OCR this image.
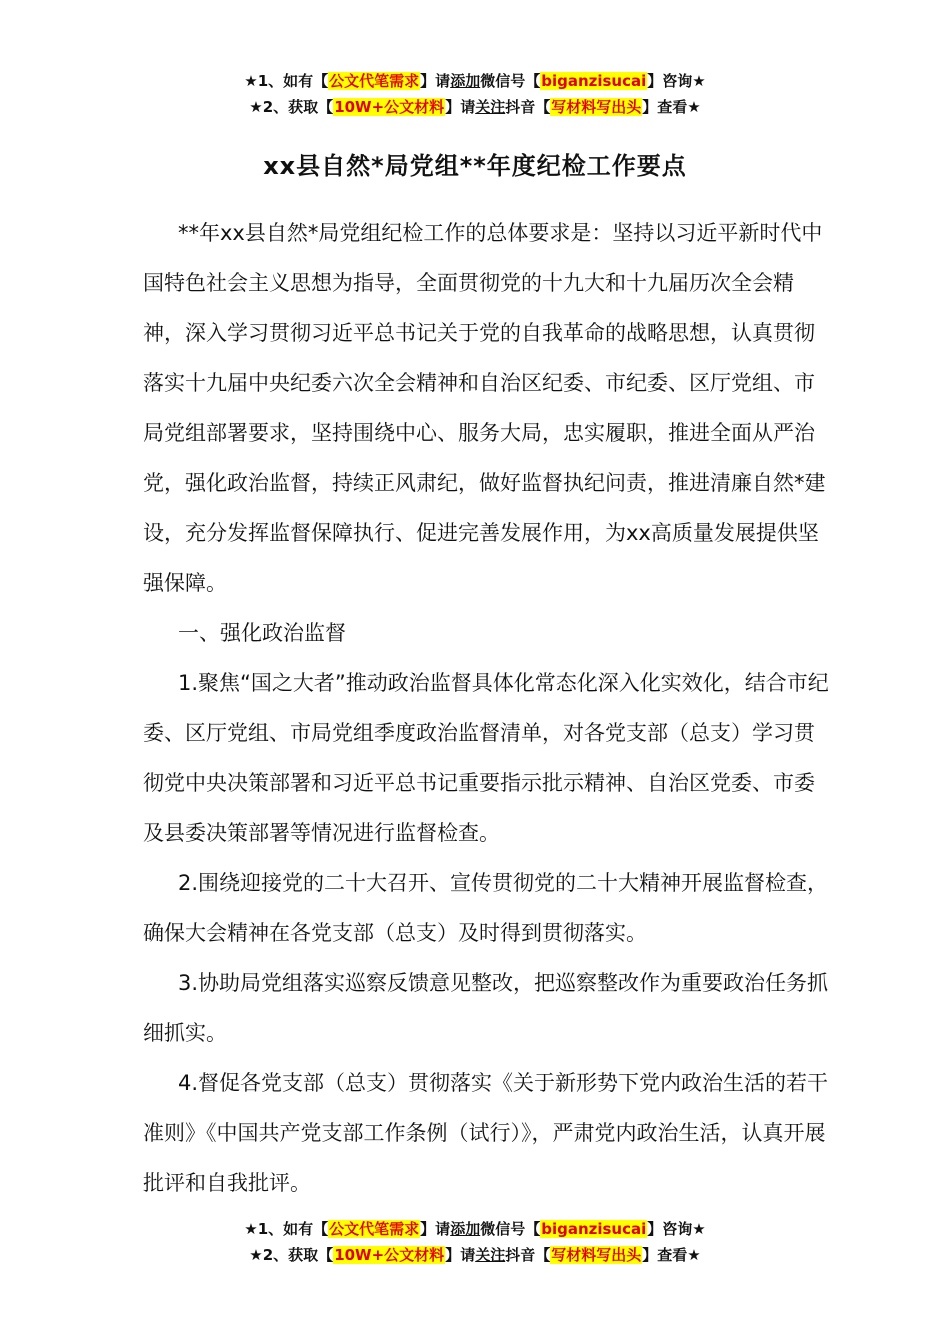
★1、如有【公文代笔需求】请添加微信号【biganzisucai】咨询★
★2、获取【10W+公文材料】请关注抖音【写材料写出头】查看★
xx县自然*局党组**年度纪检工作要点

**年xx县自然*局党组纪检工作的总体要求是：坚持以习近平新时代中国特色社会主义思想为指导，全面贯彻党的十九大和十九届历次全会精神，深入学习贯彻习近平总书记关于党的自我革命的战略思想，认真贯彻落实十九届中央纪委六次全会精神和自治区纪委、市纪委、区厅党组、市局党组部署要求，坚持围绕中心、服务大局，忠实履职，推进全面从严治党，强化政治监督，持续正风肃纪，做好监督执纪问责，推进清廉自然*建设，充分发挥监督保障执行、促进完善发展作用，为xx高质量发展提供坚强保障。

一、强化政治监督

1.聚焦“国之大者”推动政治监督具体化常态化深入化实效化，结合市纪委、区厅党组、市局党组季度政治监督清单，对各党支部（总支）学习贯彻党中央决策部署和习近平总书记重要指示批示精神、自治区党委、市委及县委决策部署等情况进行监督检查。

2.围绕迎接党的二十大召开、宣传贯彻党的二十大精神开展监督检查，确保大会精神在各党支部（总支）及时得到贯彻落实。

3.协助局党组落实巡察反馈意见整改，把巡察整改作为重要政治任务抓细抓实。

4.督促各党支部（总支）贯彻落实《关于新形势下党内政治生活的若干准则》《中国共产党支部工作条例（试行）》，严肃党内政治生活，认真开展批评和自我批评。

★1、如有【公文代笔需求】请添加微信号【biganzisucai】咨询★
★2、获取【10W+公文材料】请关注抖音【写材料写出头】查看★
